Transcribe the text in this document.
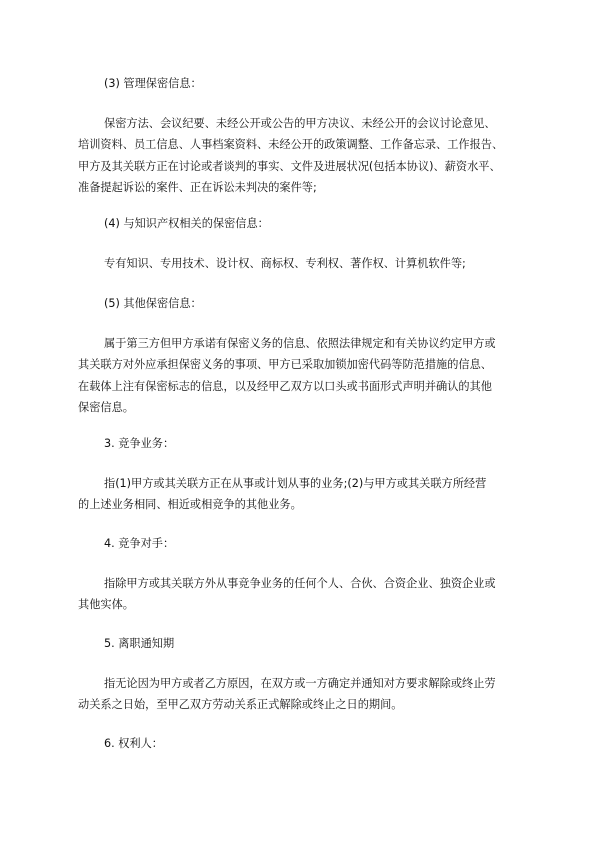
(3) 管理保密信息：

保密方法、会议纪要、未经公开或公告的甲方决议、未经公开的会议讨论意见、
培训资料、员工信息、人事档案资料、未经公开的政策调整、工作备忘录、工作报告、
甲方及其关联方正在讨论或者谈判的事实、文件及进展状况(包括本协议)、薪资水平、
准备提起诉讼的案件、正在诉讼未判决的案件等;

(4) 与知识产权相关的保密信息：

专有知识、专用技术、设计权、商标权、专利权、著作权、计算机软件等;

(5) 其他保密信息：

属于第三方但甲方承诺有保密义务的信息、依照法律规定和有关协议约定甲方或
其关联方对外应承担保密义务的事项、甲方已采取加锁加密代码等防范措施的信息、
在载体上注有保密标志的信息，以及经甲乙双方以口头或书面形式声明并确认的其他
保密信息。

3. 竞争业务：

指(1)甲方或其关联方正在从事或计划从事的业务;(2)与甲方或其关联方所经营
的上述业务相同、相近或相竞争的其他业务。

4. 竞争对手：

指除甲方或其关联方外从事竞争业务的任何个人、合伙、合资企业、独资企业或
其他实体。

5. 离职通知期

指无论因为甲方或者乙方原因，在双方或一方确定并通知对方要求解除或终止劳
动关系之日始，至甲乙双方劳动关系正式解除或终止之日的期间。

6. 权利人：
